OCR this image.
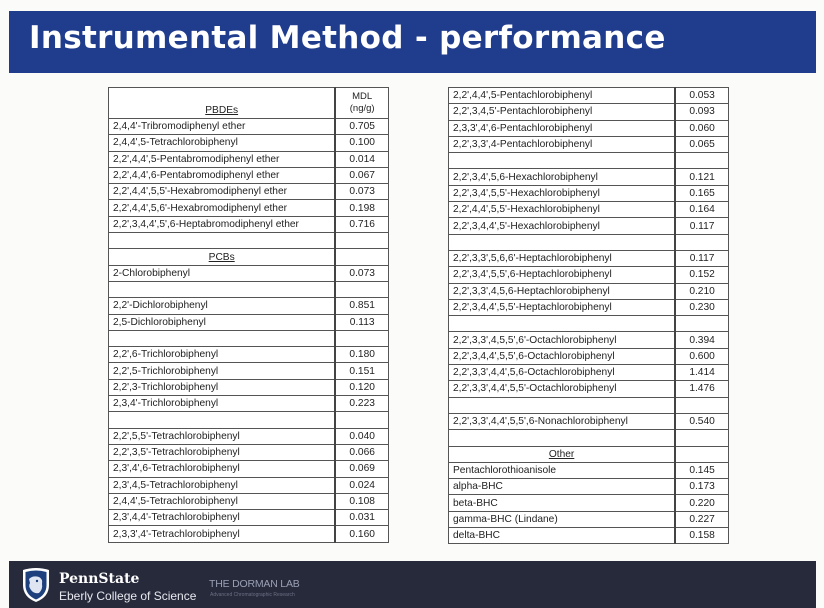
Instrumental Method - performance
PBDEs	MDL
(ng/g)
2,4,4'-Tribromodiphenyl ether	0.705
2,4,4',5-Tetrachlorobiphenyl	0.100
2,2',4,4',5-Pentabromodiphenyl ether	0.014
2,2',4,4',6-Pentabromodiphenyl ether	0.067
2,2',4,4',5,5'-Hexabromodiphenyl ether	0.073
2,2',4,4',5,6'-Hexabromodiphenyl ether	0.198
2,2',3,4,4',5',6-Heptabromodiphenyl ether	0.716

PCBs	
2-Chlorobiphenyl	0.073

2,2'-Dichlorobiphenyl	0.851
2,5-Dichlorobiphenyl	0.113

2,2',6-Trichlorobiphenyl	0.180
2,2',5-Trichlorobiphenyl	0.151
2,2',3-Trichlorobiphenyl	0.120
2,3,4'-Trichlorobiphenyl	0.223

2,2',5,5'-Tetrachlorobiphenyl	0.040
2,2',3,5'-Tetrachlorobiphenyl	0.066
2,3',4',6-Tetrachlorobiphenyl	0.069
2,3',4,5-Tetrachlorobiphenyl	0.024
2,4,4',5-Tetrachlorobiphenyl	0.108
2,3',4,4'-Tetrachlorobiphenyl	0.031
2,3,3',4'-Tetrachlorobiphenyl	0.160
2,2',4,4',5-Pentachlorobiphenyl	0.053
2,2',3,4,5'-Pentachlorobiphenyl	0.093
2,3,3',4',6-Pentachlorobiphenyl	0.060
2,2',3,3',4-Pentachlorobiphenyl	0.065

2,2',3,4',5,6-Hexachlorobiphenyl	0.121
2,2',3,4',5,5'-Hexachlorobiphenyl	0.165
2,2',4,4',5,5'-Hexachlorobiphenyl	0.164
2,2',3,4,4',5'-Hexachlorobiphenyl	0.117

2,2',3,3',5,6,6'-Heptachlorobiphenyl	0.117
2,2',3,4',5,5',6-Heptachlorobiphenyl	0.152
2,2',3,3',4,5,6-Heptachlorobiphenyl	0.210
2,2',3,4,4',5,5'-Heptachlorobiphenyl	0.230

2,2',3,3',4,5,5',6'-Octachlorobiphenyl	0.394
2,2',3,4,4',5,5',6-Octachlorobiphenyl	0.600
2,2',3,3',4,4',5,6-Octachlorobiphenyl	1.414
2,2',3,3',4,4',5,5'-Octachlorobiphenyl	1.476

2,2',3,3',4,4',5,5',6-Nonachlorobiphenyl	0.540

Other	
Pentachlorothioanisole	0.145
alpha-BHC	0.173
beta-BHC	0.220
gamma-BHC (Lindane)	0.227
delta-BHC	0.158
PennState
Eberly College of Science
THE DORMAN LAB
Advanced Chromatographic Research
